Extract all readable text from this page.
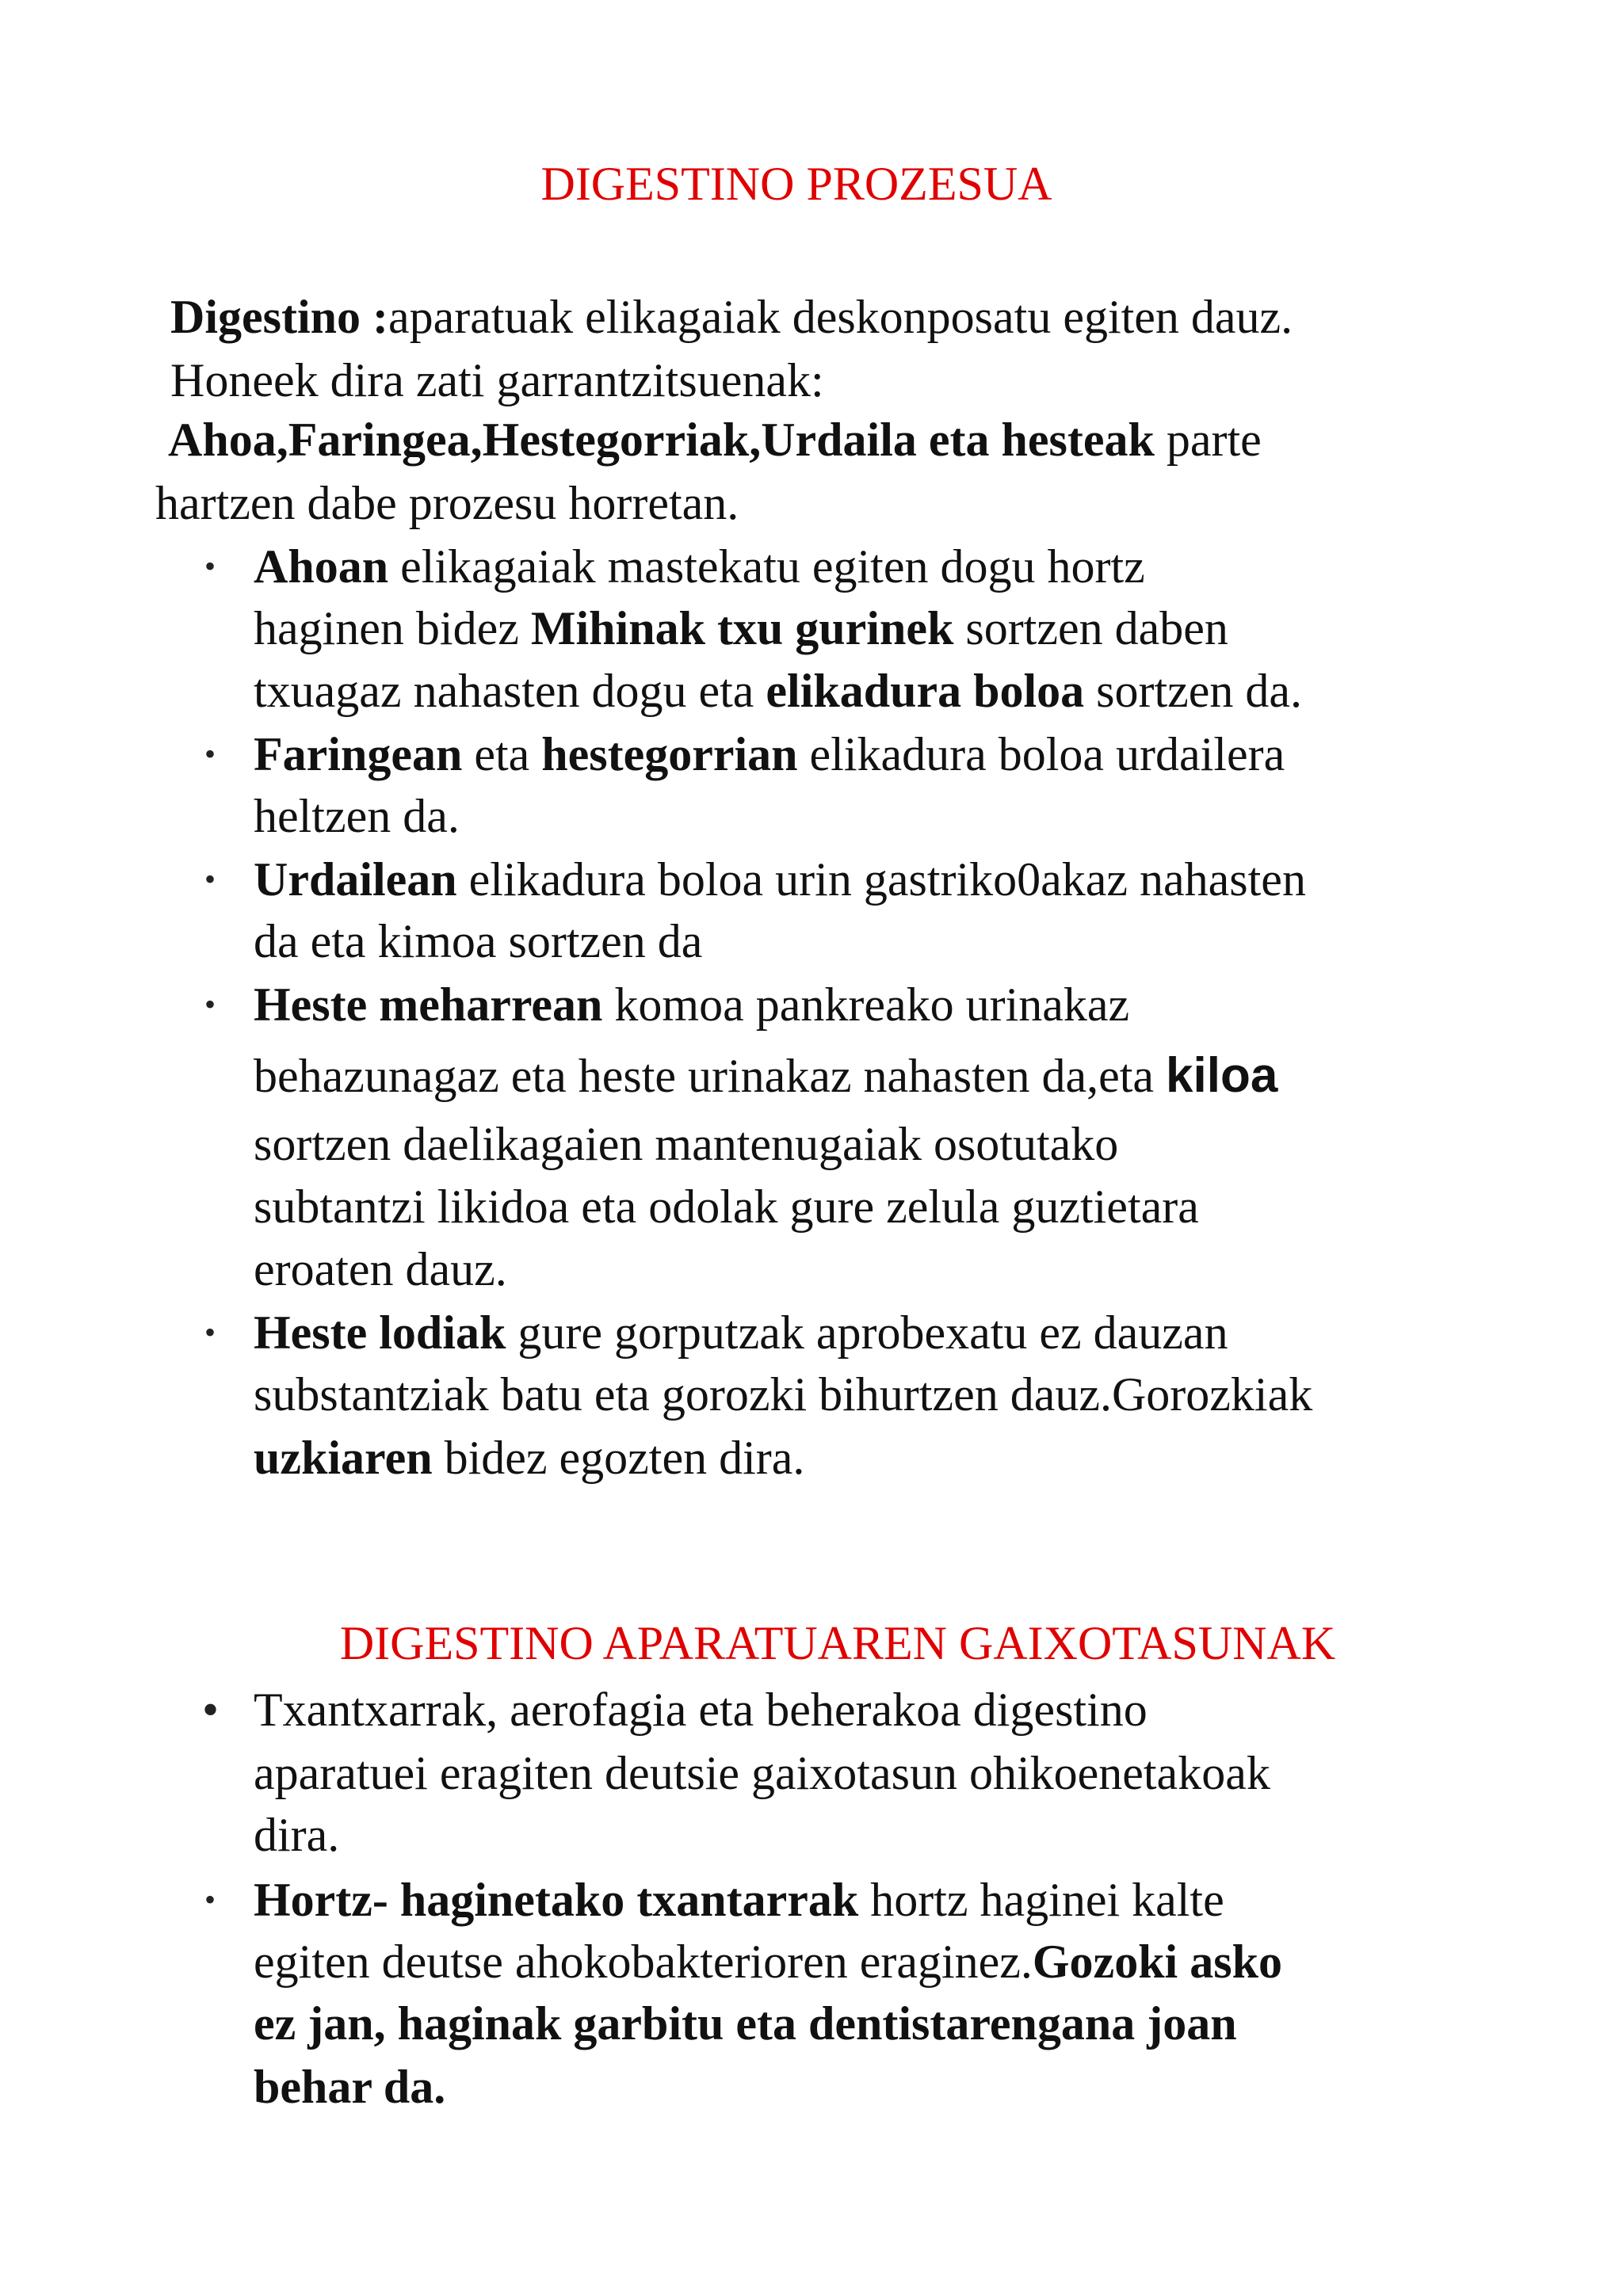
DIGESTINO PROZESUA
Digestino :aparatuak elikagaiak deskonposatu egiten dauz.
Honeek dira zati garrantzitsuenak:
Ahoa,Faringea,Hestegorriak,Urdaila eta hesteak parte
hartzen dabe prozesu horretan.
• Ahoan elikagaiak mastekatu egiten dogu hortz
haginen bidez Mihinak txu gurinek sortzen daben
txuagaz nahasten dogu eta elikadura boloa sortzen da.
• Faringean eta hestegorrian elikadura boloa urdailera
heltzen da.
• Urdailean elikadura boloa urin gastriko0akaz nahasten
da eta kimoa sortzen da
• Heste meharrean komoa pankreako urinakaz
behazunagaz eta heste urinakaz nahasten da,eta kiloa
sortzen daelikagaien mantenugaiak osotutako
subtantzi likidoa eta odolak gure zelula guztietara
eroaten dauz.
• Heste lodiak gure gorputzak aprobexatu ez dauzan
substantziak batu eta gorozki bihurtzen dauz.Gorozkiak
uzkiaren bidez egozten dira.
DIGESTINO APARATUAREN GAIXOTASUNAK
• Txantxarrak, aerofagia eta beherakoa digestino
aparatuei eragiten deutsie gaixotasun ohikoenetakoak
dira.
• Hortz- haginetako txantarrak hortz haginei kalte
egiten deutse ahokobakterioren eraginez.Gozoki asko
ez jan, haginak garbitu eta dentistarengana joan
behar da.
